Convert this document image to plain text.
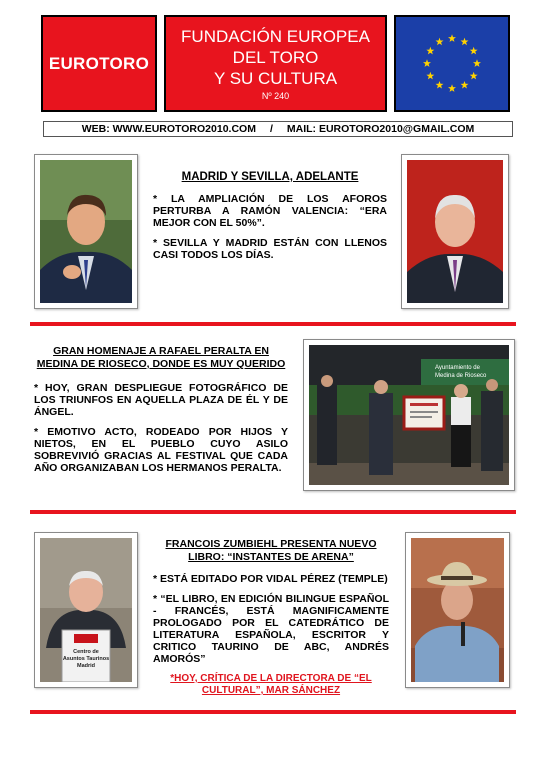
EUROTORO
FUNDACIÓN EUROPEA
DEL TORO
Y SU CULTURA
Nº 240
WEB: WWW.EUROTORO2010.COM / MAIL: EUROTORO2010@GMAIL.COM
MADRID Y SEVILLA, ADELANTE
* LA AMPLIACIÓN DE LOS AFOROS PERTURBA A RAMÓN VALENCIA: “ERA MEJOR CON EL 50%”.
* SEVILLA Y MADRID ESTÁN CON LLENOS CASI TODOS LOS DÍAS.
GRAN HOMENAJE A RAFAEL PERALTA EN MEDINA DE RIOSECO, DONDE ES MUY QUERIDO
* HOY, GRAN DESPLIEGUE FOTOGRÁFICO DE LOS TRIUNFOS EN AQUELLA PLAZA DE ÉL Y DE ÁNGEL.
* EMOTIVO ACTO, RODEADO POR HIJOS Y NIETOS, EN EL PUEBLO CUYO ASILO SOBREVIVIÓ GRACIAS AL FESTIVAL QUE CADA AÑO ORGANIZABAN LOS HERMANOS PERALTA.
Ayuntamiento de
Medina de Rioseco
Centro de
Asuntos Taurinos
Madrid
FRANCOIS ZUMBIEHL PRESENTA NUEVO LIBRO: “INSTANTES DE ARENA”
* ESTÁ EDITADO POR VIDAL PÉREZ (TEMPLE)
* “EL LIBRO, EN EDICIÓN BILINGUE ESPAÑOL - FRANCÉS, ESTÁ MAGNIFICAMENTE PROLOGADO POR EL CATEDRÁTICO DE LITERATURA ESPAÑOLA, ESCRITOR Y CRITICO TAURINO DE ABC, ANDRÉS AMORÓS”
*HOY, CRÍTICA DE LA DIRECTORA DE “EL CULTURAL”, MAR SÁNCHEZ
